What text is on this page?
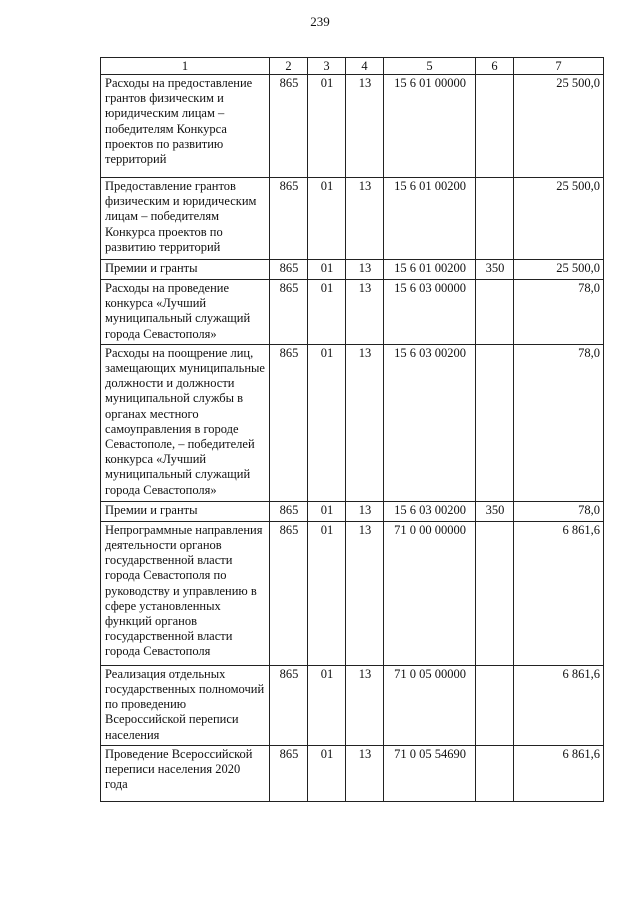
239
1	2	3	4	5	6	7
Расходы на предоставление грантов физическим и юридическим лицам – победителям Конкурса проектов по развитию территорий	865	01	13	15 6 01 00000		25 500,0
Предоставление грантов физическим и юридическим лицам – победителям Конкурса проектов по развитию территорий	865	01	13	15 6 01 00200		25 500,0
Премии и гранты	865	01	13	15 6 01 00200	350	25 500,0
Расходы на проведение конкурса «Лучший муниципальный служащий города Севастополя»	865	01	13	15 6 03 00000		78,0
Расходы на поощрение лиц, замещающих муниципальные должности и должности муниципальной службы в органах местного самоуправления в городе Севастополе, – победителей конкурса «Лучший муниципальный служащий города Севастополя»	865	01	13	15 6 03 00200		78,0
Премии и гранты	865	01	13	15 6 03 00200	350	78,0
Непрограммные направления деятельности органов государственной власти города Севастополя по руководству и управлению в сфере установленных функций органов государственной власти города Севастополя	865	01	13	71 0 00 00000		6 861,6
Реализация отдельных государственных полномочий по проведению Всероссийской переписи населения	865	01	13	71 0 05 00000		6 861,6
Проведение Всероссийской переписи населения 2020 года	865	01	13	71 0 05 54690		6 861,6
